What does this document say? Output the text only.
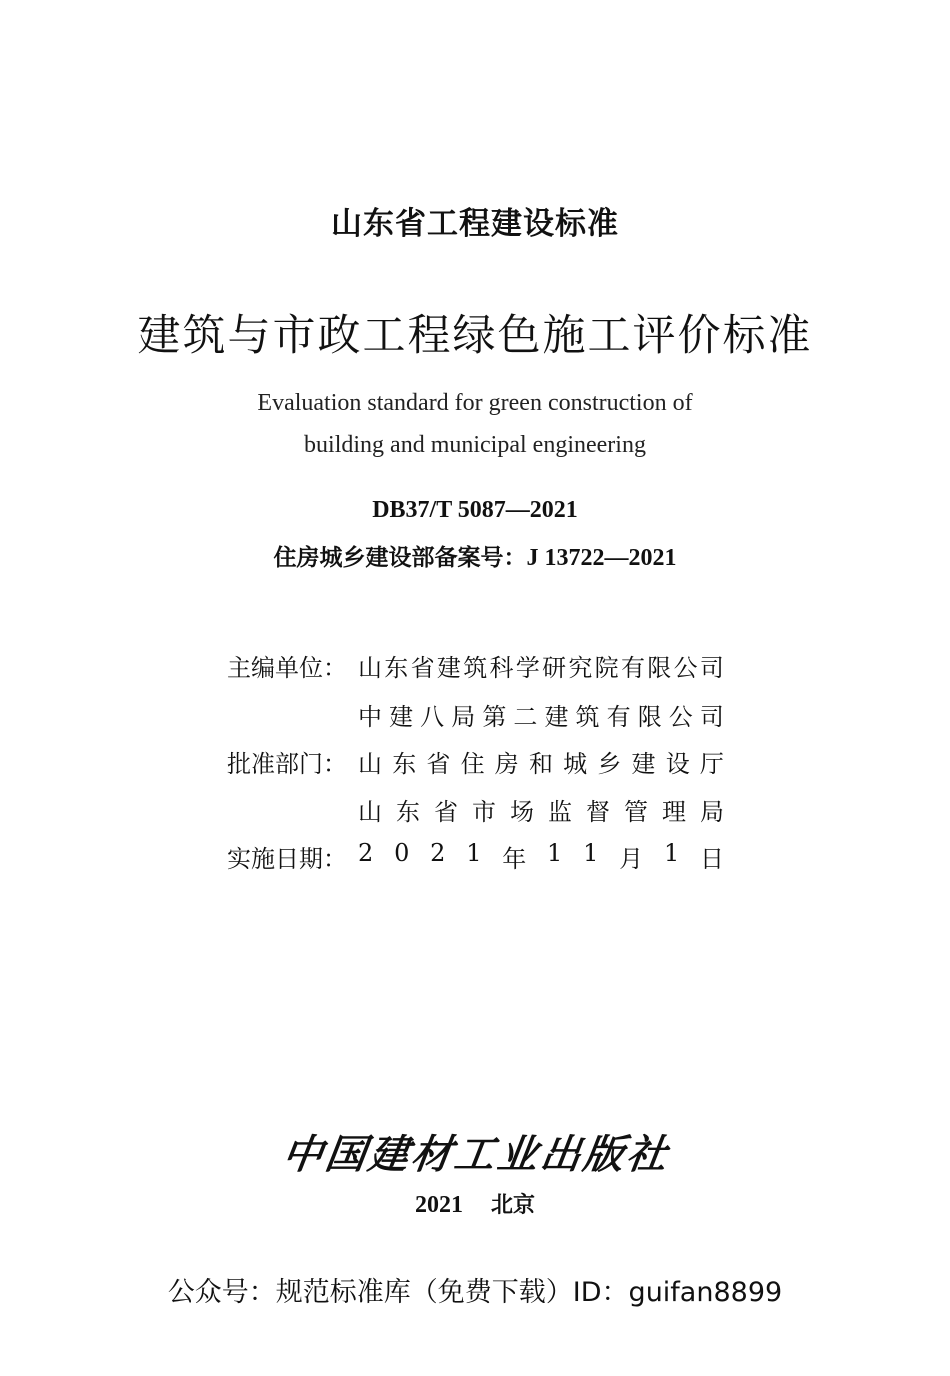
山东省工程建设标准
建筑与市政工程绿色施工评价标准
Evaluation standard for green construction of
building and municipal engineering
DB37/T 5087—2021
住房城乡建设部备案号：J 13722—2021
主编单位： 山 东 省 建 筑 科 学 研 究 院 有 限 公 司
中 建 八 局 第 二 建 筑 有 限 公 司
批准部门： 山 东 省 住 房 和 城 乡 建 设 厅
山 东 省 市 场 监 督 管 理 局
实施日期： 2 0 2 1 年 1 1 月 1 日
中国建材工业出版社
2021 北京
公众号：规范标准库（免费下载）ID：guifan8899
